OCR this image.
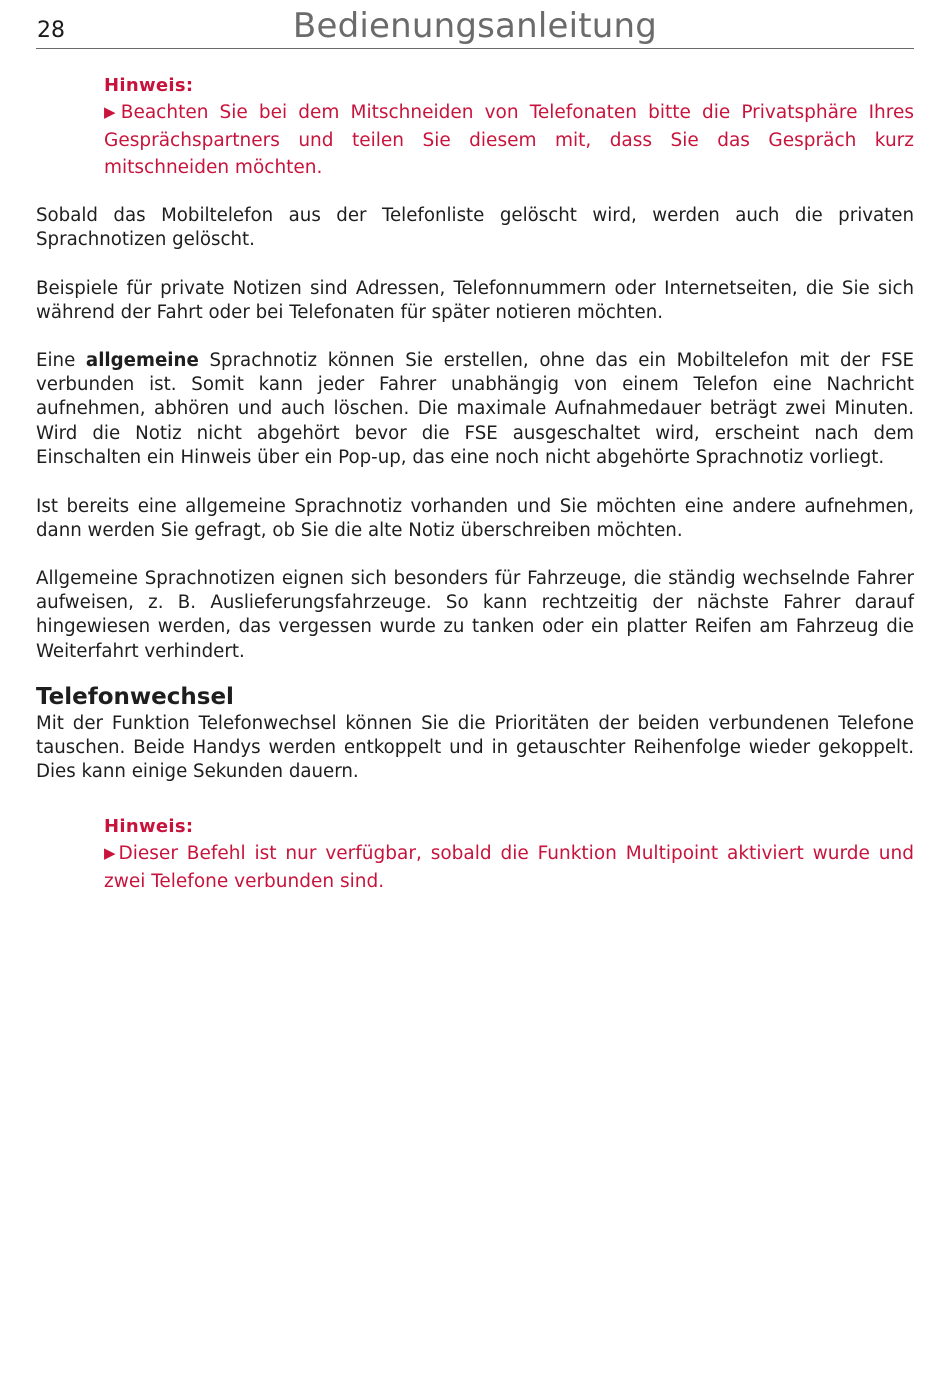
28	Bedienungsanleitung
Hinweis:
▶Beachten Sie bei dem Mitschneiden von Telefonaten bitte die Privatsphäre Ihres Gesprächspartners und teilen Sie diesem mit, dass Sie das Gespräch kurz mitschneiden möchten.
Sobald das Mobiltelefon aus der Telefonliste gelöscht wird, werden auch die privaten Sprachnotizen gelöscht.
Beispiele für private Notizen sind Adressen, Telefonnummern oder Internetseiten, die Sie sich während der Fahrt oder bei Telefonaten für später notieren möchten.
Eine allgemeine Sprachnotiz können Sie erstellen, ohne das ein Mobiltelefon mit der FSE verbunden ist. Somit kann jeder Fahrer unabhängig von einem Telefon eine Nachricht aufnehmen, abhören und auch löschen. Die maximale Aufnahmedauer beträgt zwei Minuten. Wird die Notiz nicht abgehört bevor die FSE ausgeschaltet wird, erscheint nach dem Einschalten ein Hinweis über ein Pop-up, das eine noch nicht abgehörte Sprachnotiz vorliegt.
Ist bereits eine allgemeine Sprachnotiz vorhanden und Sie möchten eine andere aufnehmen, dann werden Sie gefragt, ob Sie die alte Notiz überschreiben möchten.
Allgemeine Sprachnotizen eignen sich besonders für Fahrzeuge, die ständig wechselnde Fahrer aufweisen, z. B. Auslieferungsfahrzeuge. So kann rechtzeitig der nächste Fahrer darauf hingewiesen werden, das vergessen wurde zu tanken oder ein platter Reifen am Fahrzeug die Weiterfahrt verhindert.
Telefonwechsel
Mit der Funktion Telefonwechsel können Sie die Prioritäten der beiden verbundenen Telefone tauschen. Beide Handys werden entkoppelt und in getauschter Reihenfolge wieder gekoppelt. Dies kann einige Sekunden dauern.
Hinweis:
▶Dieser Befehl ist nur verfügbar, sobald die Funktion Multipoint aktiviert wurde und zwei Telefone verbunden sind.
